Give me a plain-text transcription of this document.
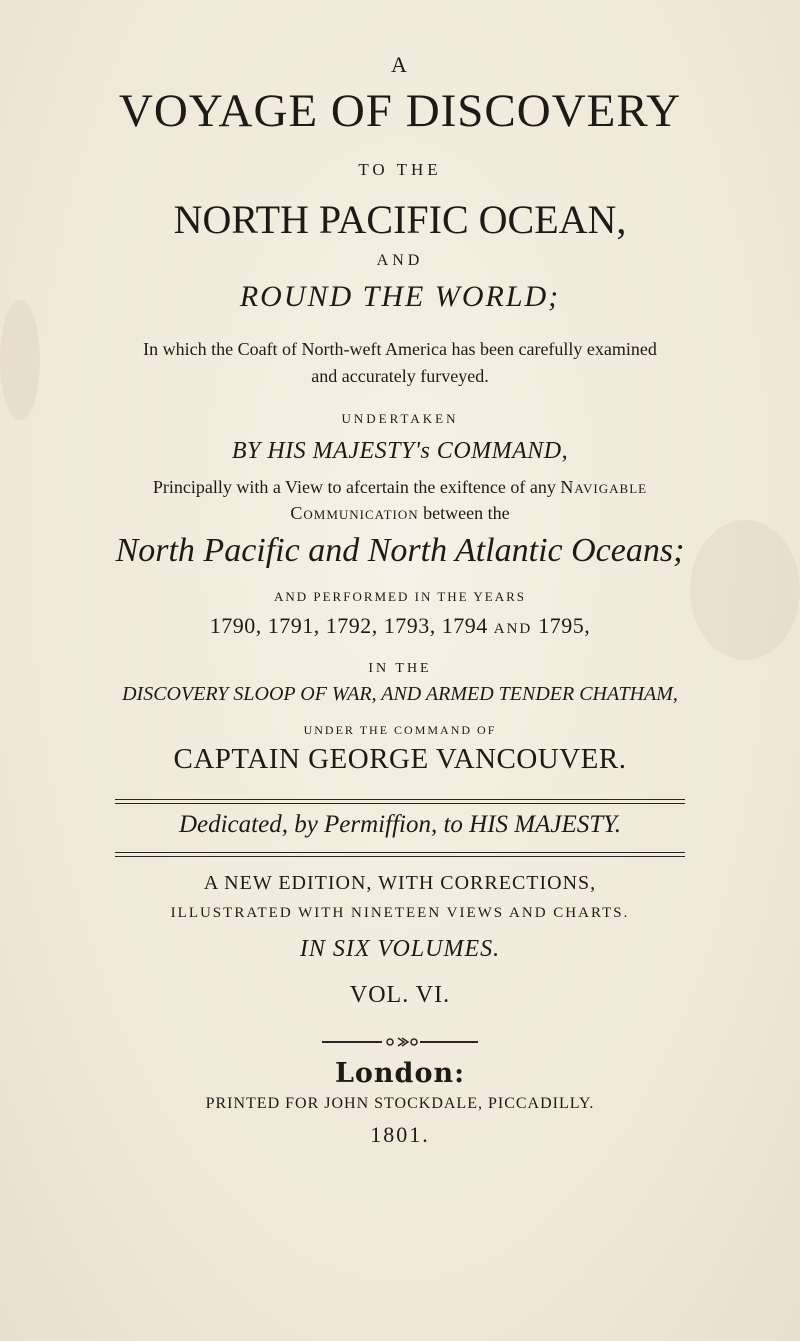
A
VOYAGE OF DISCOVERY
TO THE
NORTH PACIFIC OCEAN,
AND
ROUND THE WORLD;
In which the Coaft of North-weft America has been carefully examined
and accurately furveyed.
UNDERTAKEN
BY HIS MAJESTY's COMMAND,
Principally with a View to afcertain the exiftence of any Navigable
Communication between the
North Pacific and North Atlantic Oceans;
AND PERFORMED IN THE YEARS
1790, 1791, 1792, 1793, 1794 AND 1795,
IN THE
DISCOVERY SLOOP OF WAR, AND ARMED TENDER CHATHAM,
UNDER THE COMMAND OF
CAPTAIN GEORGE VANCOUVER.
Dedicated, by Permiffion, to HIS MAJESTY.
A NEW EDITION, WITH CORRECTIONS,
ILLUSTRATED WITH NINETEEN VIEWS AND CHARTS.
IN SIX VOLUMES.
VOL. VI.
London:
PRINTED FOR JOHN STOCKDALE, PICCADILLY.
1801.
